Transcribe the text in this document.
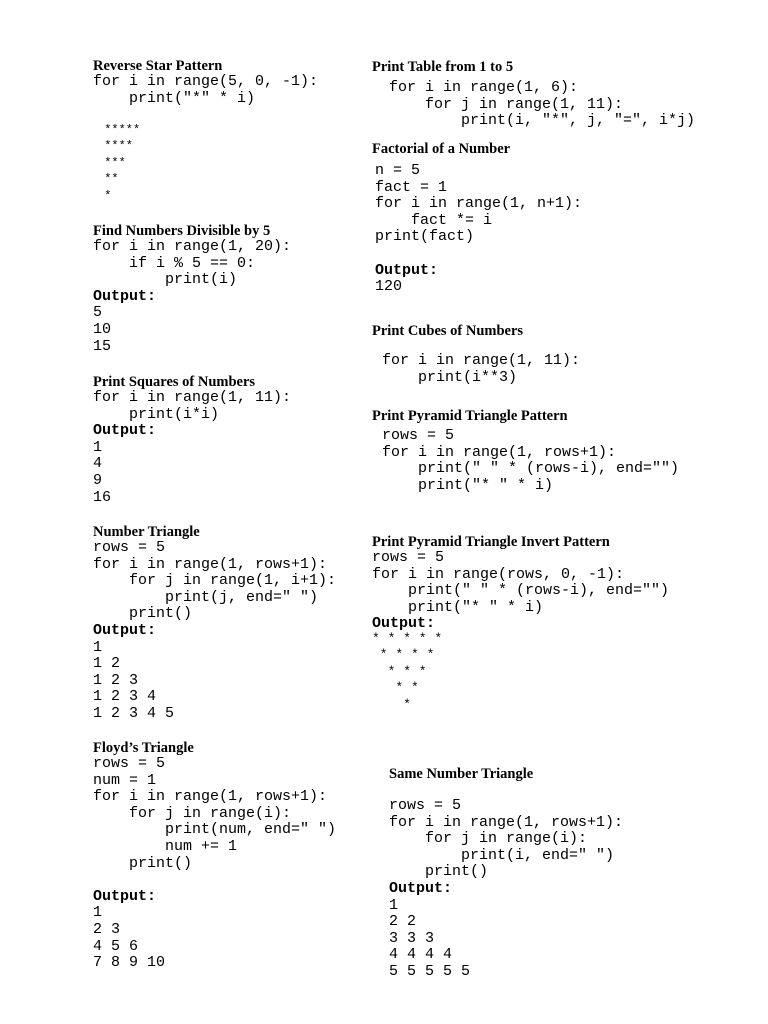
Reverse Star Pattern
for i in range(5, 0, -1):
print("*" * i)
*****
****
***
**
*
Find Numbers Divisible by 5
for i in range(1, 20):
if i % 5 == 0:
print(i)
Output:
5
10
15
Print Squares of Numbers
for i in range(1, 11):
print(i*i)
Output:
1
4
9
16
Number Triangle
rows = 5
for i in range(1, rows+1):
for j in range(1, i+1):
print(j, end=" ")
print()
Output:
1
1 2
1 2 3
1 2 3 4
1 2 3 4 5
Floyd’s Triangle
rows = 5
num = 1
for i in range(1, rows+1):
for j in range(i):
print(num, end=" ")
num += 1
print()
Output:
1
2 3
4 5 6
7 8 9 10
Print Table from 1 to 5
for i in range(1, 6):
for j in range(1, 11):
print(i, "*", j, "=", i*j)
Factorial of a Number
n = 5
fact = 1
for i in range(1, n+1):
fact *= i
print(fact)
Output:
120
Print Cubes of Numbers
for i in range(1, 11):
print(i**3)
Print Pyramid Triangle Pattern
rows = 5
for i in range(1, rows+1):
print(" " * (rows-i), end="")
print("* " * i)
Print Pyramid Triangle Invert Pattern
rows = 5
for i in range(rows, 0, -1):
print(" " * (rows-i), end="")
print("* " * i)
Output:
* * * * *
* * * *
* * *
* *
*
Same Number Triangle
rows = 5
for i in range(1, rows+1):
for j in range(i):
print(i, end=" ")
print()
Output:
1
2 2
3 3 3
4 4 4 4
5 5 5 5 5
